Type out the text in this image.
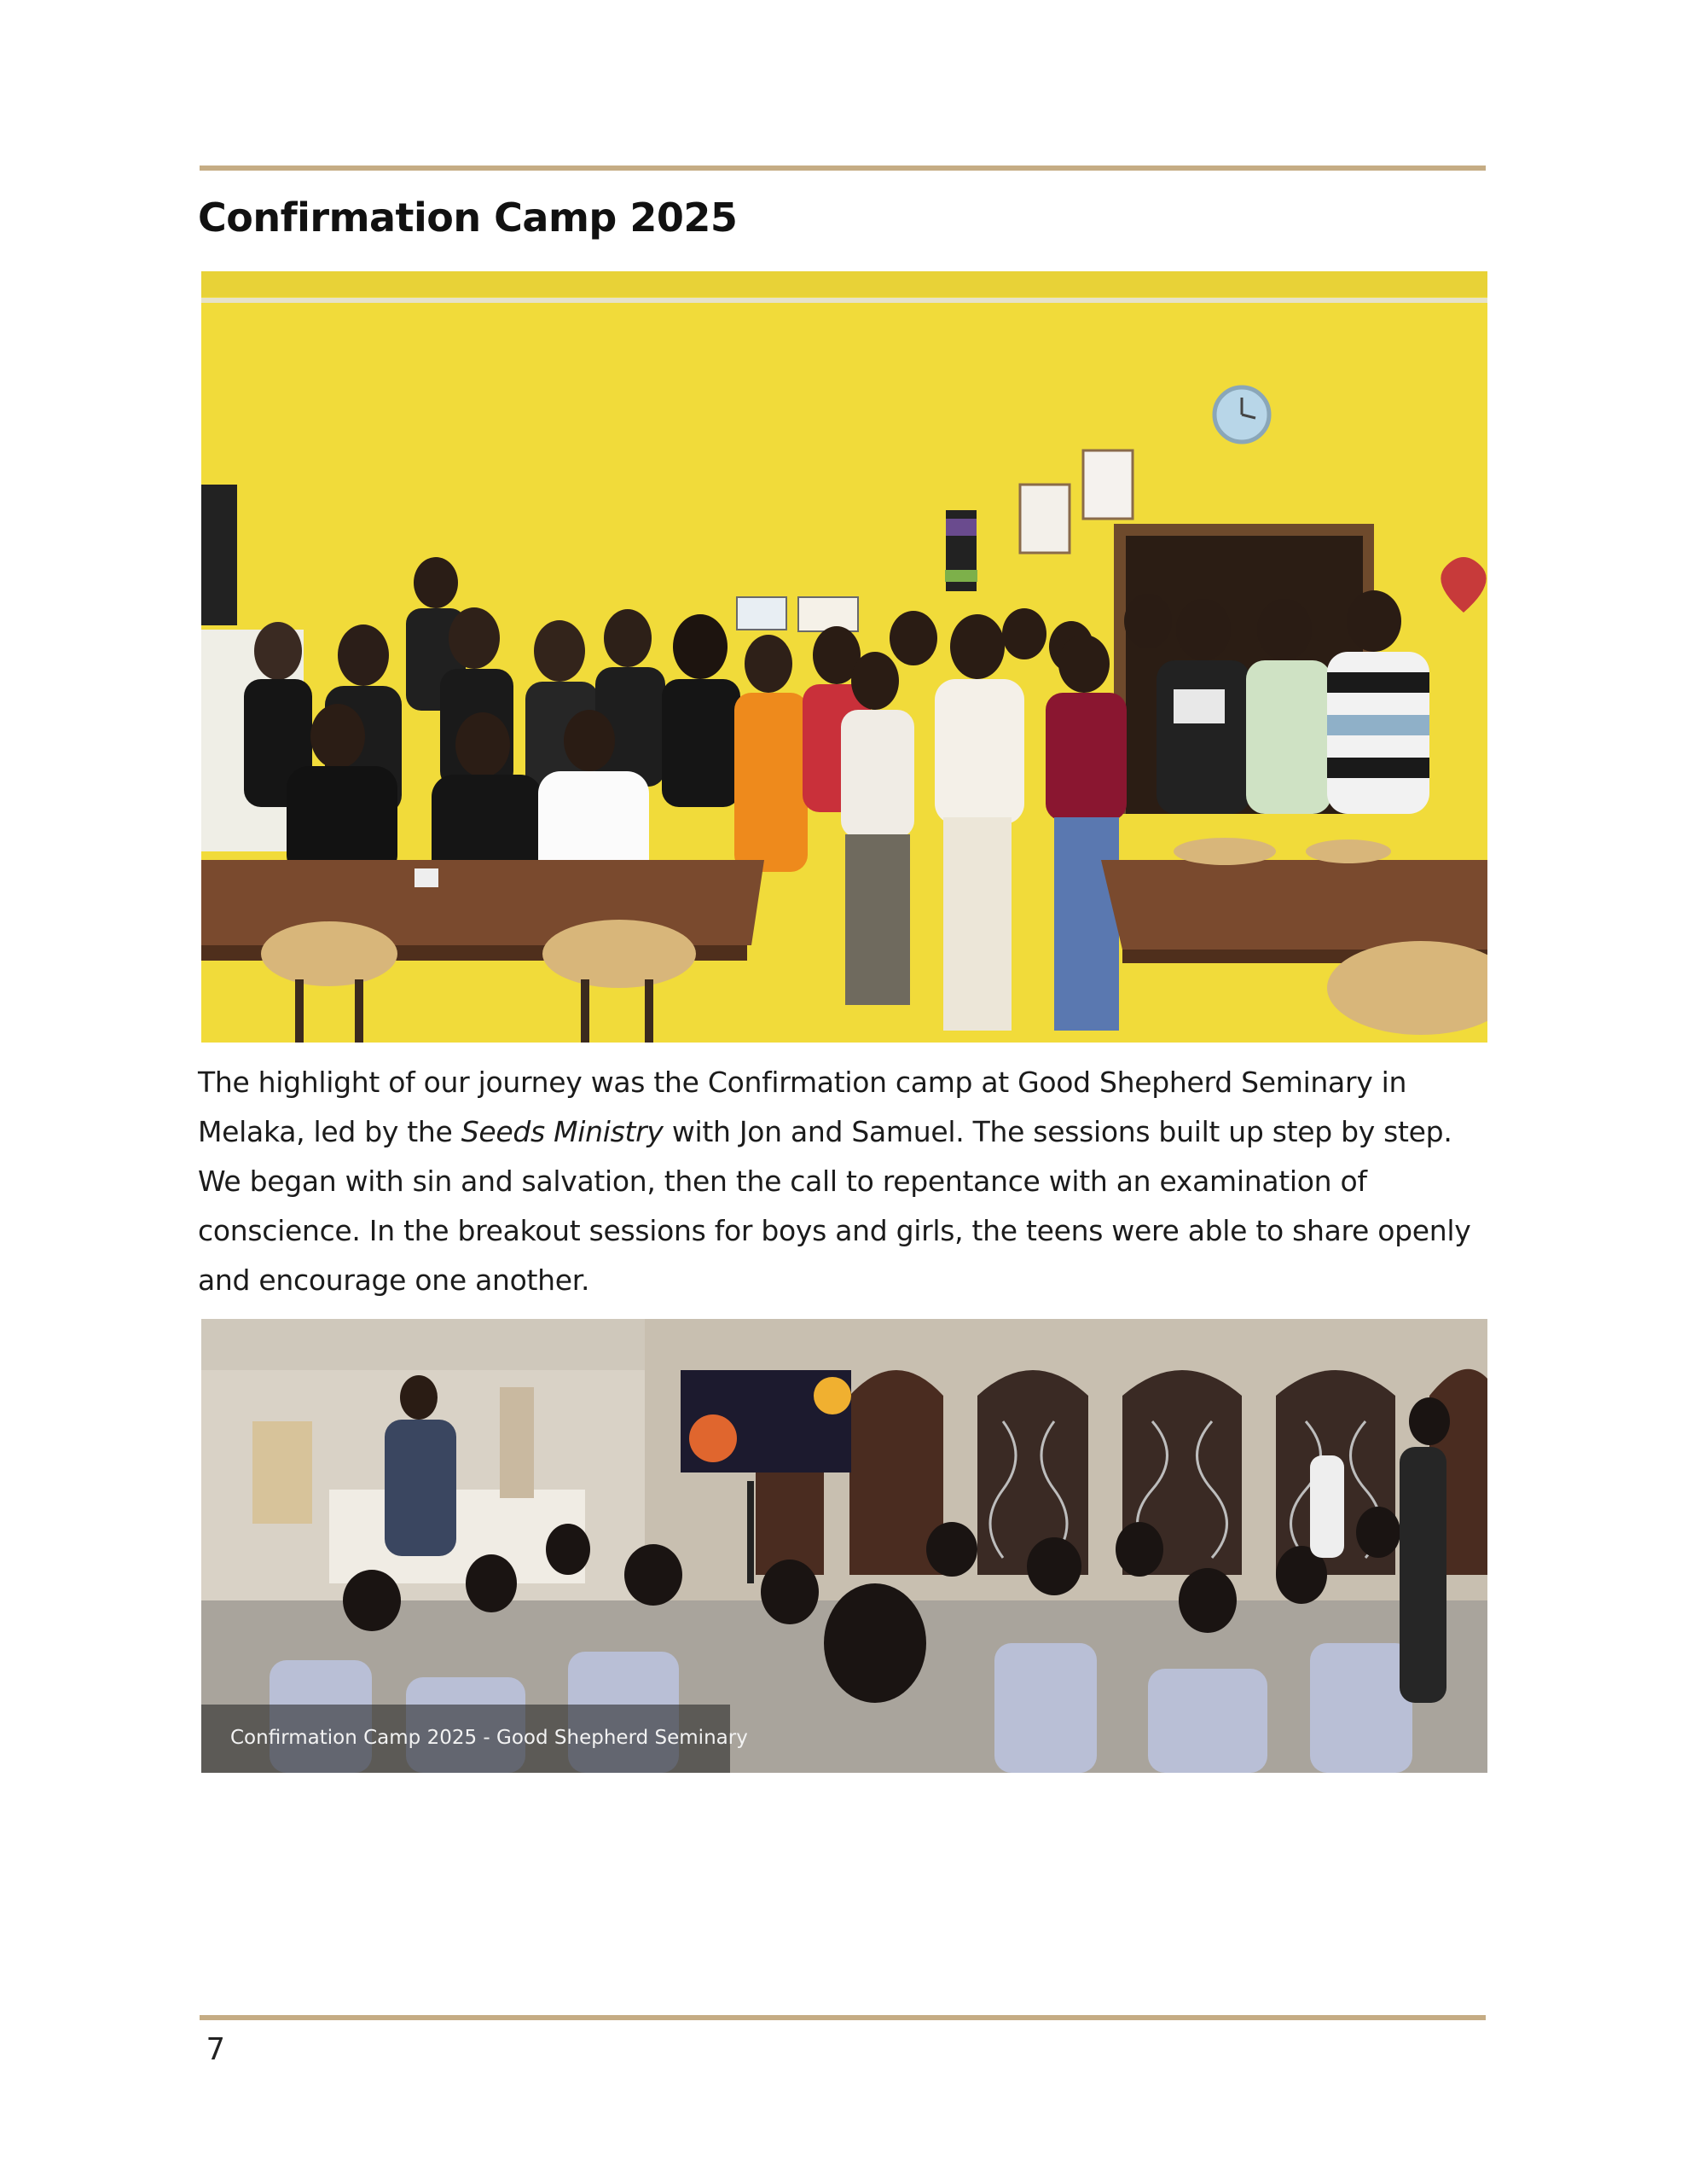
Confirmation Camp 2025

The highlight of our journey was the Confirmation camp at Good Shepherd Seminary in Melaka, led by the Seeds Ministry with Jon and Samuel. The sessions built up step by step. We began with sin and salvation, then the call to repentance with an examination of conscience. In the breakout sessions for boys and girls, the teens were able to share openly and encourage one another.

Confirmation Camp 2025 - Good Shepherd Seminary
7
